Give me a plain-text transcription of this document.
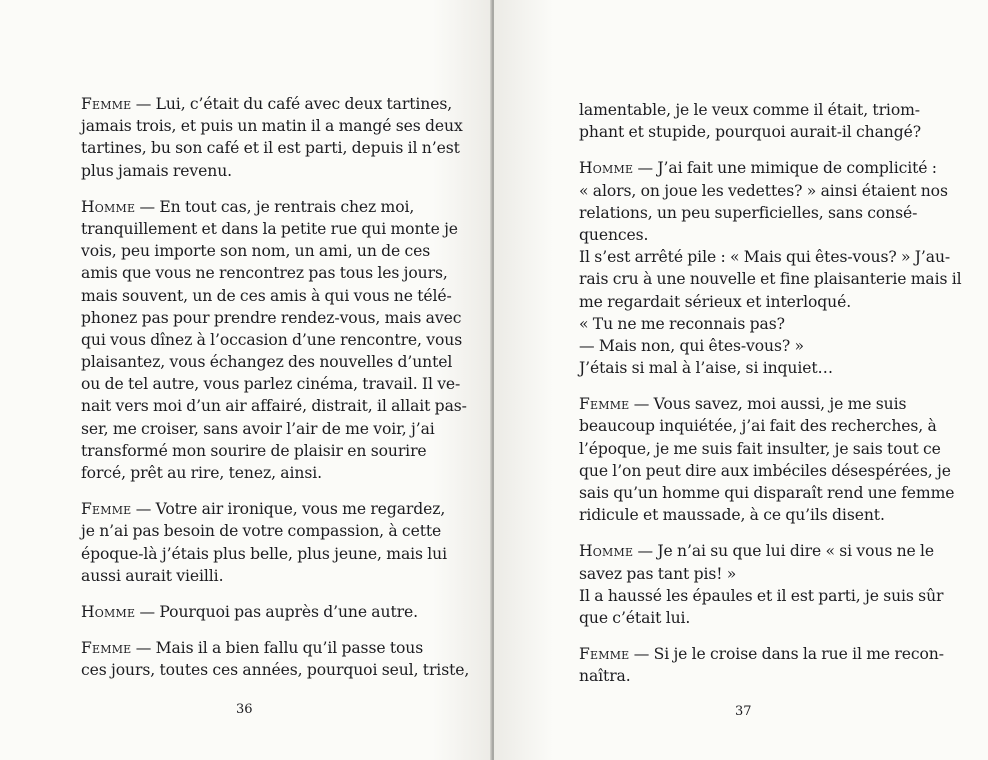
Femme — Lui, c’était du café avec deux tartines,
jamais trois, et puis un matin il a mangé ses deux
tartines, bu son café et il est parti, depuis il n’est
plus jamais revenu.
Homme — En tout cas, je rentrais chez moi,
tranquillement et dans la petite rue qui monte je
vois, peu importe son nom, un ami, un de ces
amis que vous ne rencontrez pas tous les jours,
mais souvent, un de ces amis à qui vous ne télé-
phonez pas pour prendre rendez-vous, mais avec
qui vous dînez à l’occasion d’une rencontre, vous
plaisantez, vous échangez des nouvelles d’untel
ou de tel autre, vous parlez cinéma, travail. Il ve-
nait vers moi d’un air affairé, distrait, il allait pas-
ser, me croiser, sans avoir l’air de me voir, j’ai
transformé mon sourire de plaisir en sourire
forcé, prêt au rire, tenez, ainsi.
Femme — Votre air ironique, vous me regardez,
je n’ai pas besoin de votre compassion, à cette
époque-là j’étais plus belle, plus jeune, mais lui
aussi aurait vieilli.
Homme — Pourquoi pas auprès d’une autre.
Femme — Mais il a bien fallu qu’il passe tous
ces jours, toutes ces années, pourquoi seul, triste,
36
lamentable, je le veux comme il était, triom-
phant et stupide, pourquoi aurait-il changé?
Homme — J’ai fait une mimique de complicité :
« alors, on joue les vedettes? » ainsi étaient nos
relations, un peu superficielles, sans consé-
quences.
Il s’est arrêté pile : « Mais qui êtes-vous? » J’au-
rais cru à une nouvelle et fine plaisanterie mais il
me regardait sérieux et interloqué.
« Tu ne me reconnais pas?
— Mais non, qui êtes-vous? »
J’étais si mal à l’aise, si inquiet…
Femme — Vous savez, moi aussi, je me suis
beaucoup inquiétée, j’ai fait des recherches, à
l’époque, je me suis fait insulter, je sais tout ce
que l’on peut dire aux imbéciles désespérées, je
sais qu’un homme qui disparaît rend une femme
ridicule et maussade, à ce qu’ils disent.
Homme — Je n’ai su que lui dire « si vous ne le
savez pas tant pis! »
Il a haussé les épaules et il est parti, je suis sûr
que c’était lui.
Femme — Si je le croise dans la rue il me recon-
naîtra.
37
